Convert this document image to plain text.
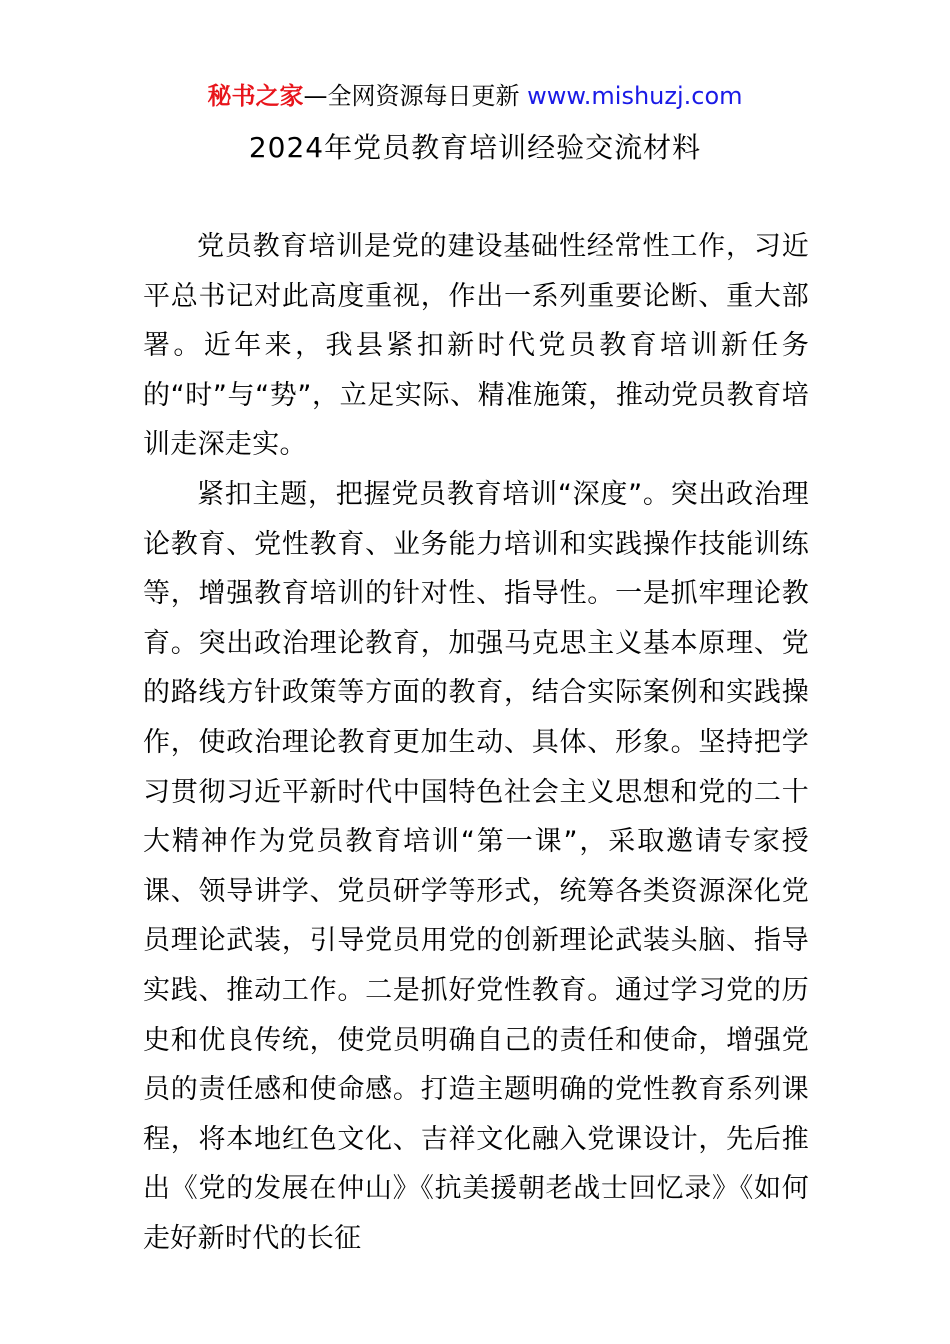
秘书之家—全网资源每日更新 www.mishuzj.com
2024年党员教育培训经验交流材料

党员教育培训是党的建设基础性经常性工作，习近平总书记对此高度重视，作出一系列重要论断、重大部署。近年来，我县紧扣新时代党员教育培训新任务的“时”与“势”，立足实际、精准施策，推动党员教育培训走深走实。

紧扣主题，把握党员教育培训“深度”。突出政治理论教育、党性教育、业务能力培训和实践操作技能训练等，增强教育培训的针对性、指导性。一是抓牢理论教育。突出政治理论教育，加强马克思主义基本原理、党的路线方针政策等方面的教育，结合实际案例和实践操作，使政治理论教育更加生动、具体、形象。坚持把学习贯彻习近平新时代中国特色社会主义思想和党的二十大精神作为党员教育培训“第一课”，采取邀请专家授课、领导讲学、党员研学等形式，统筹各类资源深化党员理论武装，引导党员用党的创新理论武装头脑、指导实践、推动工作。二是抓好党性教育。通过学习党的历史和优良传统，使党员明确自己的责任和使命，增强党员的责任感和使命感。打造主题明确的党性教育系列课程，将本地红色文化、吉祥文化融入党课设计，先后推出《党的发展在仲山》《抗美援朝老战士回忆录》《如何走好新时代的长征
